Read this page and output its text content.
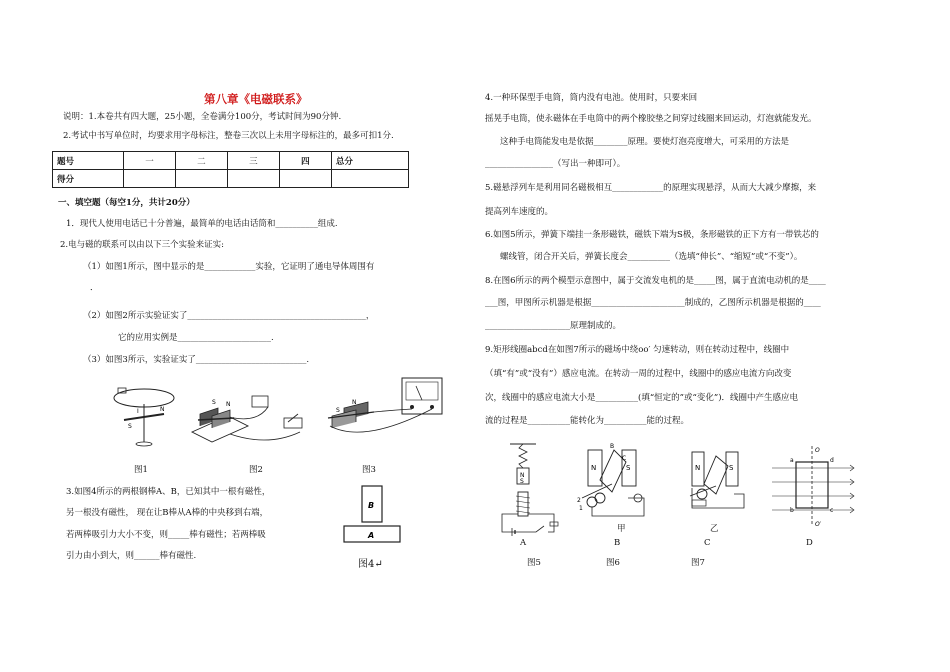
第八章《电磁联系》
说明：1.本卷共有四大题，25小题，全卷满分100分，考试时间为90分钟.
2.考试中书写单位时，均要求用字母标注，整卷三次以上未用字母标注的，最多可扣1分.
题号	一	二	三	四	总分
得分					
一、填空题（每空1分，共计20分）
1．现代人使用电话已十分普遍，最简单的电话由话筒和__________组成.
2.电与磁的联系可以由以下三个实验来证实:
（1）如图1所示，图中显示的是____________实验，它证明了通电导体周围有
．
（2）如图2所示实验证实了__________________________________________，
它的应用实例是______________________.
（3）如图3所示，实验证实了__________________________.
S
N
I
图1
N
S
图2
N
S
图3
3.如图4所示的两根钢棒A、B，已知其中一根有磁性，
另一根没有磁性， 现在让B棒从A棒的中央移到右端，
若两棒吸引力大小不变，则_____棒有磁性；若两棒吸
引力由小到大，则______棒有磁性.
B
A
图4↵
4.一种环保型手电筒，筒内没有电池。使用时，只要来回
摇晃手电筒，使永磁体在手电筒中的两个橡胶垫之间穿过线圈来回运动，灯泡就能发光。
这种手电筒能发电是依据________原理。要使灯泡亮度增大，可采用的方法是
________________（写出一种即可）。
5.磁悬浮列车是利用同名磁极相互____________的原理实现悬浮，从而大大减少摩擦，来
提高列车速度的。
6.如图5所示，弹簧下端挂一条形磁铁，磁铁下端为S极，条形磁铁的正下方有一带铁芯的
螺线管，闭合开关后，弹簧长度会__________（选填“伸长”、“缩短”或“不变”）。
8.在图6所示的两个模型示意图中，属于交流发电机的是_____图，属于直流电动机的是____
___图，甲图所示机器是根据______________________制成的，乙图所示机器是根据的____
____________________原理制成的。
9.矩形线圈abcd在如图7所示的磁场中绕oo′ 匀速转动，则在转动过程中，线圈中
（填“有”或“没有”）感应电流。在转动一周的过程中，线圈中的感应电流方向改变
次，线圈中的感应电流大小是__________(填“恒定的”或“变化”)．线圈中产生感应电
流的过程是__________能转化为__________能的过程。
N
S
N	S
B
C
2
1
甲
N	S
乙
O
O′
a	d
b	c
A	B	C	D
图5	图6	图7
